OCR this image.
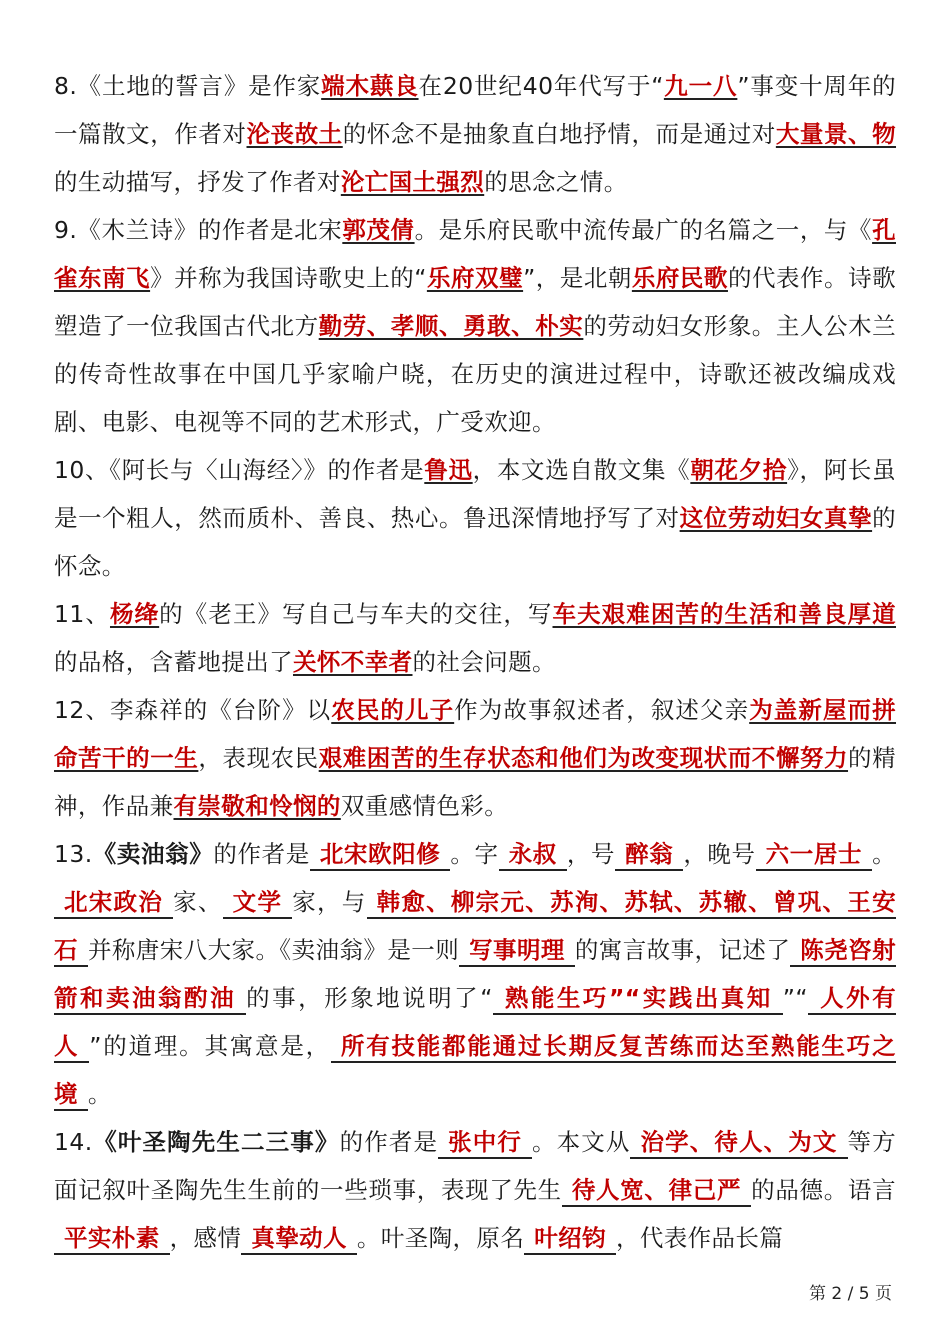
8.《土地的誓言》是作家端木蕻良在20世纪40年代写于“九一八”事变十周年的一篇散文，作者对沦丧故土的怀念不是抽象直白地抒情，而是通过对大量景、物的生动描写，抒发了作者对沦亡国土强烈的思念之情。

9.《木兰诗》的作者是北宋郭茂倩。是乐府民歌中流传最广的名篇之一，与《孔雀东南飞》并称为我国诗歌史上的“乐府双璧”，是北朝乐府民歌的代表作。诗歌塑造了一位我国古代北方勤劳、孝顺、勇敢、朴实的劳动妇女形象。主人公木兰的传奇性故事在中国几乎家喻户晓，在历史的演进过程中，诗歌还被改编成戏剧、电影、电视等不同的艺术形式，广受欢迎。

10、《阿长与〈山海经〉》的作者是鲁迅，本文选自散文集《朝花夕拾》，阿长虽是一个粗人，然而质朴、善良、热心。鲁迅深情地抒写了对这位劳动妇女真挚的怀念。

11、杨绛的《老王》写自己与车夫的交往，写车夫艰难困苦的生活和善良厚道的品格，含蓄地提出了关怀不幸者的社会问题。

12、李森祥的《台阶》以农民的儿子作为故事叙述者，叙述父亲为盖新屋而拼命苦干的一生，表现农民艰难困苦的生存状态和他们为改变现状而不懈努力的精神，作品兼有崇敬和怜悯的双重感情色彩。

13.《卖油翁》的作者是 北宋欧阳修 。字 永叔 ，号 醉翁 ，晚号 六一居士 。北宋政治 家、 文学 家，与 韩愈、柳宗元、苏洵、苏轼、苏辙、曾巩、王安石 并称唐宋八大家。《卖油翁》是一则 写事明理 的寓言故事，记述了 陈尧咨射箭和卖油翁酌油 的事，形象地说明了“ 熟能生巧”“实践出真知 ”“ 人外有人 ”的道理。其寓意是， 所有技能都能通过长期反复苦练而达至熟能生巧之境 。

14.《叶圣陶先生二三事》的作者是 张中行 。本文从 治学、待人、为文 等方面记叙叶圣陶先生生前的一些琐事，表现了先生 待人宽、律己严 的品德。语言平实朴素 ，感情 真挚动人 。叶圣陶，原名 叶绍钧 ，代表作品长篇

第 2 / 5 页
